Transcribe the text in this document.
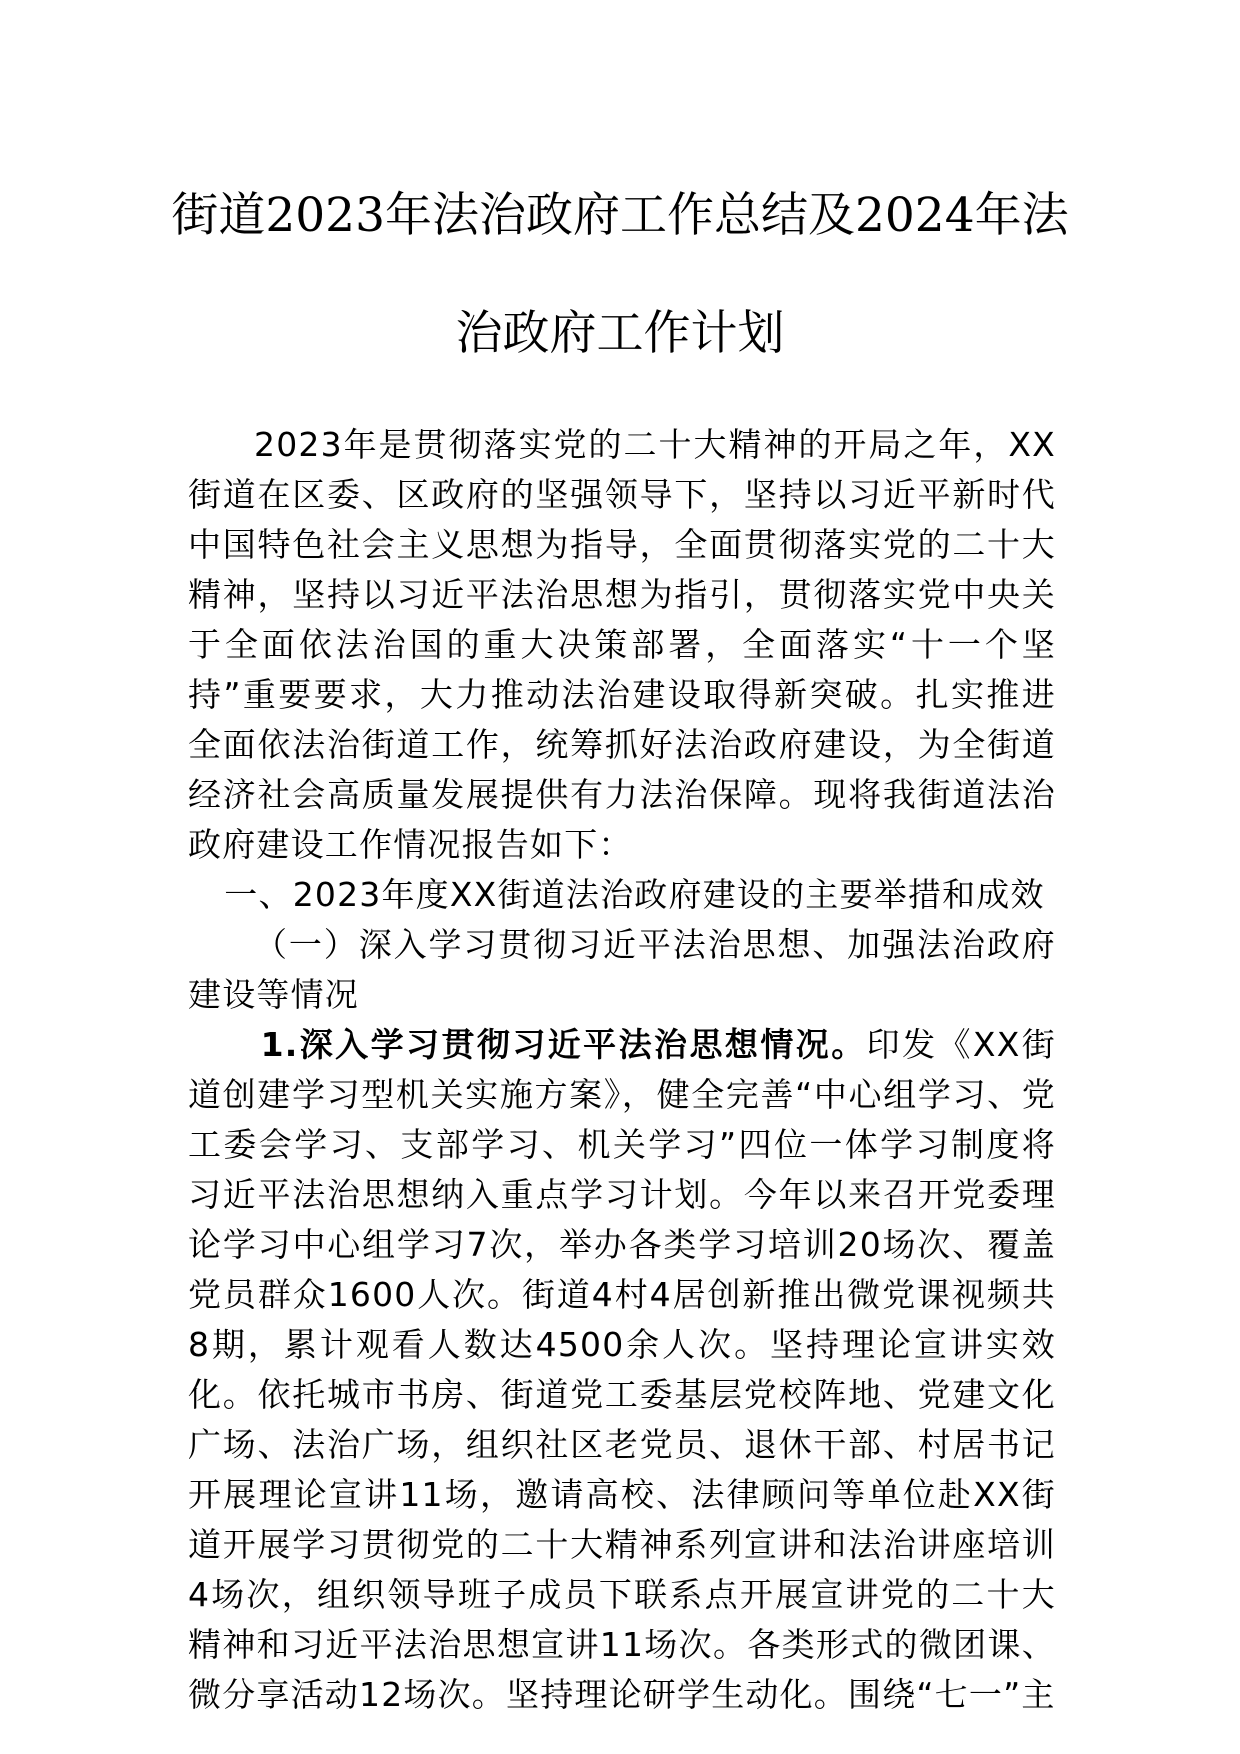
街道2023年法治政府工作总结及2024年法
治政府工作计划

2023年是贯彻落实党的二十大精神的开局之年，XX街道在区委、区政府的坚强领导下，坚持以习近平新时代中国特色社会主义思想为指导，全面贯彻落实党的二十大精神，坚持以习近平法治思想为指引，贯彻落实党中央关于全面依法治国的重大决策部署，全面落实“十一个坚持”重要要求，大力推动法治建设取得新突破。扎实推进全面依法治街道工作，统筹抓好法治政府建设，为全街道经济社会高质量发展提供有力法治保障。现将我街道法治政府建设工作情况报告如下：

一、2023年度XX街道法治政府建设的主要举措和成效

（一）深入学习贯彻习近平法治思想、加强法治政府建设等情况

1.深入学习贯彻习近平法治思想情况。印发《XX街道创建学习型机关实施方案》，健全完善“中心组学习、党工委会学习、支部学习、机关学习”四位一体学习制度将习近平法治思想纳入重点学习计划。今年以来召开党委理论学习中心组学习7次，举办各类学习培训20场次、覆盖党员群众1600人次。街道4村4居创新推出微党课视频共8期，累计观看人数达4500余人次。坚持理论宣讲实效化。依托城市书房、街道党工委基层党校阵地、党建文化广场、法治广场，组织社区老党员、退休干部、村居书记开展理论宣讲11场，邀请高校、法律顾问等单位赴XX街道开展学习贯彻党的二十大精神系列宣讲和法治讲座培训4场次，组织领导班子成员下联系点开展宣讲党的二十大精神和习近平法治思想宣讲11场次。各类形式的微团课、微分享活动12场次。坚持理论研学生动化。围绕“七一”主
